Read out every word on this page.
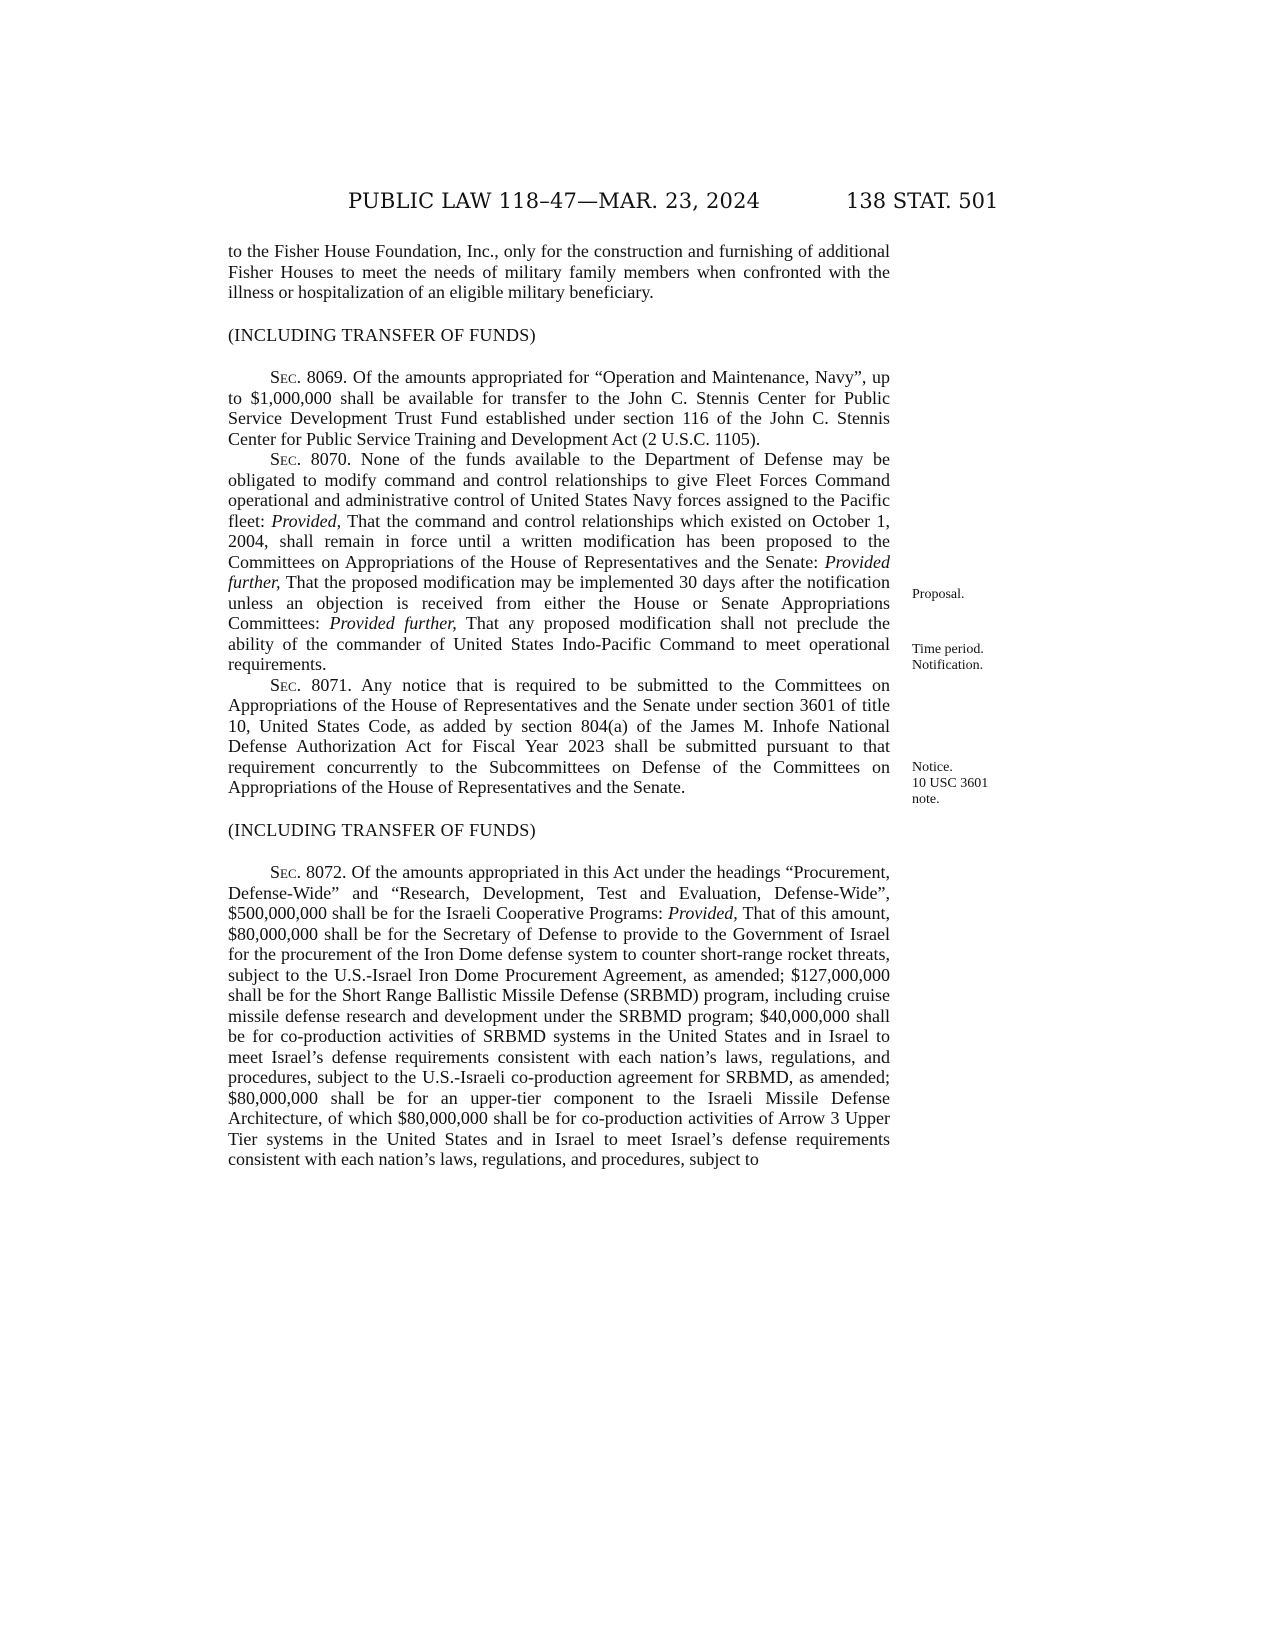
PUBLIC LAW 118–47—MAR. 23, 2024	138 STAT. 501

to the Fisher House Foundation, Inc., only for the construction and furnishing of additional Fisher Houses to meet the needs of military family members when confronted with the illness or hospitalization of an eligible military beneficiary.

(INCLUDING TRANSFER OF FUNDS)

Sec. 8069. Of the amounts appropriated for “Operation and Maintenance, Navy”, up to $1,000,000 shall be available for transfer to the John C. Stennis Center for Public Service Development Trust Fund established under section 116 of the John C. Stennis Center for Public Service Training and Development Act (2 U.S.C. 1105).

Sec. 8070. None of the funds available to the Department of Defense may be obligated to modify command and control relationships to give Fleet Forces Command operational and administrative control of United States Navy forces assigned to the Pacific fleet: Provided, That the command and control relationships which existed on October 1, 2004, shall remain in force until a written modification has been proposed to the Committees on Appropriations of the House of Representatives and the Senate: Provided further, That the proposed modification may be implemented 30 days after the notification unless an objection is received from either the House or Senate Appropriations Committees: Provided further, That any proposed modification shall not preclude the ability of the commander of United States Indo-Pacific Command to meet operational requirements.

Sec. 8071. Any notice that is required to be submitted to the Committees on Appropriations of the House of Representatives and the Senate under section 3601 of title 10, United States Code, as added by section 804(a) of the James M. Inhofe National Defense Authorization Act for Fiscal Year 2023 shall be submitted pursuant to that requirement concurrently to the Subcommittees on Defense of the Committees on Appropriations of the House of Representatives and the Senate.

(INCLUDING TRANSFER OF FUNDS)

Sec. 8072. Of the amounts appropriated in this Act under the headings “Procurement, Defense-Wide” and “Research, Development, Test and Evaluation, Defense-Wide”, $500,000,000 shall be for the Israeli Cooperative Programs: Provided, That of this amount, $80,000,000 shall be for the Secretary of Defense to provide to the Government of Israel for the procurement of the Iron Dome defense system to counter short-range rocket threats, subject to the U.S.-Israel Iron Dome Procurement Agreement, as amended; $127,000,000 shall be for the Short Range Ballistic Missile Defense (SRBMD) program, including cruise missile defense research and development under the SRBMD program; $40,000,000 shall be for co-production activities of SRBMD systems in the United States and in Israel to meet Israel’s defense requirements consistent with each nation’s laws, regulations, and procedures, subject to the U.S.-Israeli co-production agreement for SRBMD, as amended; $80,000,000 shall be for an upper-tier component to the Israeli Missile Defense Architecture, of which $80,000,000 shall be for co-production activities of Arrow 3 Upper Tier systems in the United States and in Israel to meet Israel’s defense requirements consistent with each nation’s laws, regulations, and procedures, subject to

Proposal.
Time period.
Notification.
Notice.
10 USC 3601
note.
